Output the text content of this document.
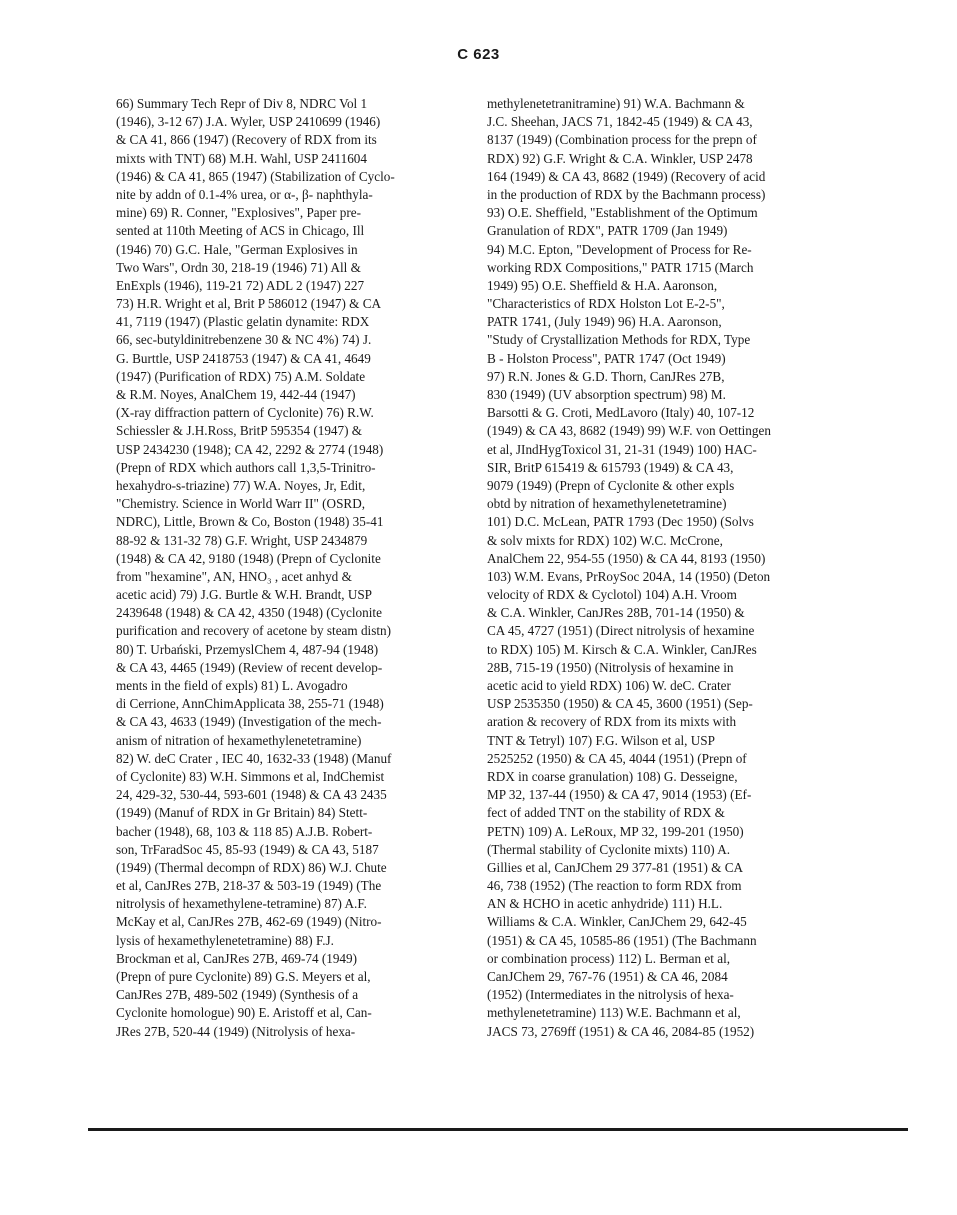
C 623
66) Summary Tech Repr of Div 8, NDRC Vol 1
(1946), 3-12 67) J.A. Wyler, USP 2410699 (1946)
& CA 41, 866 (1947) (Recovery of RDX from its
mixts with TNT) 68) M.H. Wahl, USP 2411604
(1946) & CA 41, 865 (1947) (Stabilization of Cyclo-
nite by addn of 0.1-4% urea, or α-, β- naphthyla-
mine) 69) R. Conner, "Explosives", Paper pre-
sented at 110th Meeting of ACS in Chicago, Ill
(1946) 70) G.C. Hale, "German Explosives in
Two Wars", Ordn 30, 218-19 (1946) 71) All &
EnExpls (1946), 119-21 72) ADL 2 (1947) 227
73) H.R. Wright et al, Brit P 586012 (1947) & CA
41, 7119 (1947) (Plastic gelatin dynamite: RDX
66, sec-butyldinitrebenzene 30 & NC 4%) 74) J.
G. Burttle, USP 2418753 (1947) & CA 41, 4649
(1947) (Purification of RDX) 75) A.M. Soldate
& R.M. Noyes, AnalChem 19, 442-44 (1947)
(X-ray diffraction pattern of Cyclonite) 76) R.W.
Schiessler & J.H.Ross, BritP 595354 (1947) &
USP 2434230 (1948); CA 42, 2292 & 2774 (1948)
(Prepn of RDX which authors call 1,3,5-Trinitro-
hexahydro-s-triazine) 77) W.A. Noyes, Jr, Edit,
"Chemistry. Science in World Warr II" (OSRD,
NDRC), Little, Brown & Co, Boston (1948) 35-41
88-92 & 131-32 78) G.F. Wright, USP 2434879
(1948) & CA 42, 9180 (1948) (Prepn of Cyclonite
from "hexamine", AN, HNO₃ , acet anhyd &
acetic acid) 79) J.G. Burtle & W.H. Brandt, USP
2439648 (1948) & CA 42, 4350 (1948) (Cyclonite
purification and recovery of acetone by steam distn)
80) T. Urbański, PrzemyslChem 4, 487-94 (1948)
& CA 43, 4465 (1949) (Review of recent develop-
ments in the field of expls) 81) L. Avogadro
di Cerrione, AnnChimApplicata 38, 255-71 (1948)
& CA 43, 4633 (1949) (Investigation of the mech-
anism of nitration of hexamethylenetetramine)
82) W. deC Crater , IEC 40, 1632-33 (1948) (Manuf
of Cyclonite) 83) W.H. Simmons et al, IndChemist
24, 429-32, 530-44, 593-601 (1948) & CA 43 2435
(1949) (Manuf of RDX in Gr Britain) 84) Stett-
bacher (1948), 68, 103 & 118 85) A.J.B. Robert-
son, TrFaradSoc 45, 85-93 (1949) & CA 43, 5187
(1949) (Thermal decompn of RDX) 86) W.J. Chute
et al, CanJRes 27B, 218-37 & 503-19 (1949) (The
nitrolysis of hexamethylene-tetramine) 87) A.F.
McKay et al, CanJRes 27B, 462-69 (1949) (Nitro-
lysis of hexamethylenetetramine) 88) F.J.
Brockman et al, CanJRes 27B, 469-74 (1949)
(Prepn of pure Cyclonite) 89) G.S. Meyers et al,
CanJRes 27B, 489-502 (1949) (Synthesis of a
Cyclonite homologue) 90) E. Aristoff et al, Can-
JRes 27B, 520-44 (1949) (Nitrolysis of hexa-
methylenetetranitramine) 91) W.A. Bachmann &
J.C. Sheehan, JACS 71, 1842-45 (1949) & CA 43,
8137 (1949) (Combination process for the prepn of
RDX) 92) G.F. Wright & C.A. Winkler, USP 2478
164 (1949) & CA 43, 8682 (1949) (Recovery of acid
in the production of RDX by the Bachmann process)
93) O.E. Sheffield, "Establishment of the Optimum
Granulation of RDX", PATR 1709 (Jan 1949)
94) M.C. Epton, "Development of Process for Re-
working RDX Compositions," PATR 1715 (March
1949) 95) O.E. Sheffield & H.A. Aaronson,
"Characteristics of RDX Holston Lot E-2-5",
PATR 1741, (July 1949) 96) H.A. Aaronson,
"Study of Crystallization Methods for RDX, Type
B - Holston Process", PATR 1747 (Oct 1949)
97) R.N. Jones & G.D. Thorn, CanJRes 27B,
830 (1949) (UV absorption spectrum) 98) M.
Barsotti & G. Croti, MedLavoro (Italy) 40, 107-12
(1949) & CA 43, 8682 (1949) 99) W.F. von Oettingen
et al, JIndHygToxicol 31, 21-31 (1949) 100) HAC-
SIR, BritP 615419 & 615793 (1949) & CA 43,
9079 (1949) (Prepn of Cyclonite & other expls
obtd by nitration of hexamethylenetetramine)
101) D.C. McLean, PATR 1793 (Dec 1950) (Solvs
& solv mixts for RDX) 102) W.C. McCrone,
AnalChem 22, 954-55 (1950) & CA 44, 8193 (1950)
103) W.M. Evans, PrRoySoc 204A, 14 (1950) (Deton
velocity of RDX & Cyclotol) 104) A.H. Vroom
& C.A. Winkler, CanJRes 28B, 701-14 (1950) &
CA 45, 4727 (1951) (Direct nitrolysis of hexamine
to RDX) 105) M. Kirsch & C.A. Winkler, CanJRes
28B, 715-19 (1950) (Nitrolysis of hexamine in
acetic acid to yield RDX) 106) W. deC. Crater
USP 2535350 (1950) & CA 45, 3600 (1951) (Sep-
aration & recovery of RDX from its mixts with
TNT & Tetryl) 107) F.G. Wilson et al, USP
2525252 (1950) & CA 45, 4044 (1951) (Prepn of
RDX in coarse granulation) 108) G. Desseigne,
MP 32, 137-44 (1950) & CA 47, 9014 (1953) (Ef-
fect of added TNT on the stability of RDX &
PETN) 109) A. LeRoux, MP 32, 199-201 (1950)
(Thermal stability of Cyclonite mixts) 110) A.
Gillies et al, CanJChem 29 377-81 (1951) & CA
46, 738 (1952) (The reaction to form RDX from
AN & HCHO in acetic anhydride) 111) H.L.
Williams & C.A. Winkler, CanJChem 29, 642-45
(1951) & CA 45, 10585-86 (1951) (The Bachmann
or combination process) 112) L. Berman et al,
CanJChem 29, 767-76 (1951) & CA 46, 2084
(1952) (Intermediates in the nitrolysis of hexa-
methylenetetramine) 113) W.E. Bachmann et al,
JACS 73, 2769ff (1951) & CA 46, 2084-85 (1952)
